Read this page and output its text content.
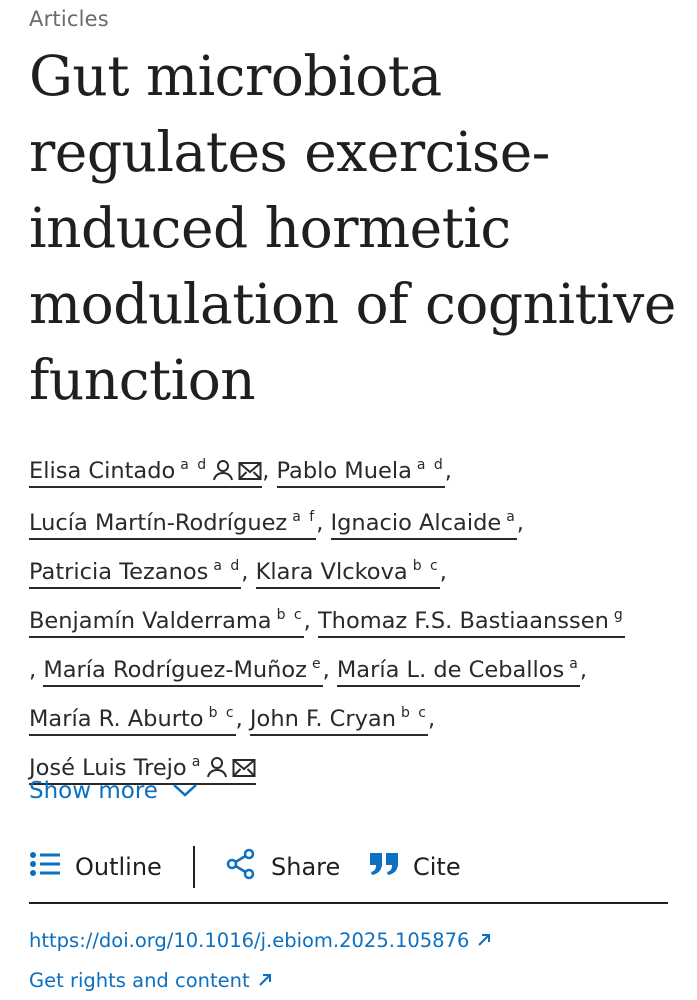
Articles
Gut microbiota regulates exercise-induced hormetic modulation of cognitive function
Elisa Cintado $^{a d}$ , Pablo Muela $^{a d}$,
Lucía Martín-Rodríguez $^{a f}$, Ignacio Alcaide $^a$,
Patricia Tezanos $^{a d}$, Klara Vlckova $^{b c}$,
Benjamín Valderrama $^{b c}$, Thomaz F.S. Bastiaanssen $^g$
, María Rodríguez-Muñoz $^e$, María L. de Ceballos $^a$,
María R. Aburto $^{b c}$, John F. Cryan $^{b c}$,
José Luis Trejo $^a$
Show more
Outline	Share	Cite
https://doi.org/10.1016/j.ebiom.2025.105876
Get rights and content
